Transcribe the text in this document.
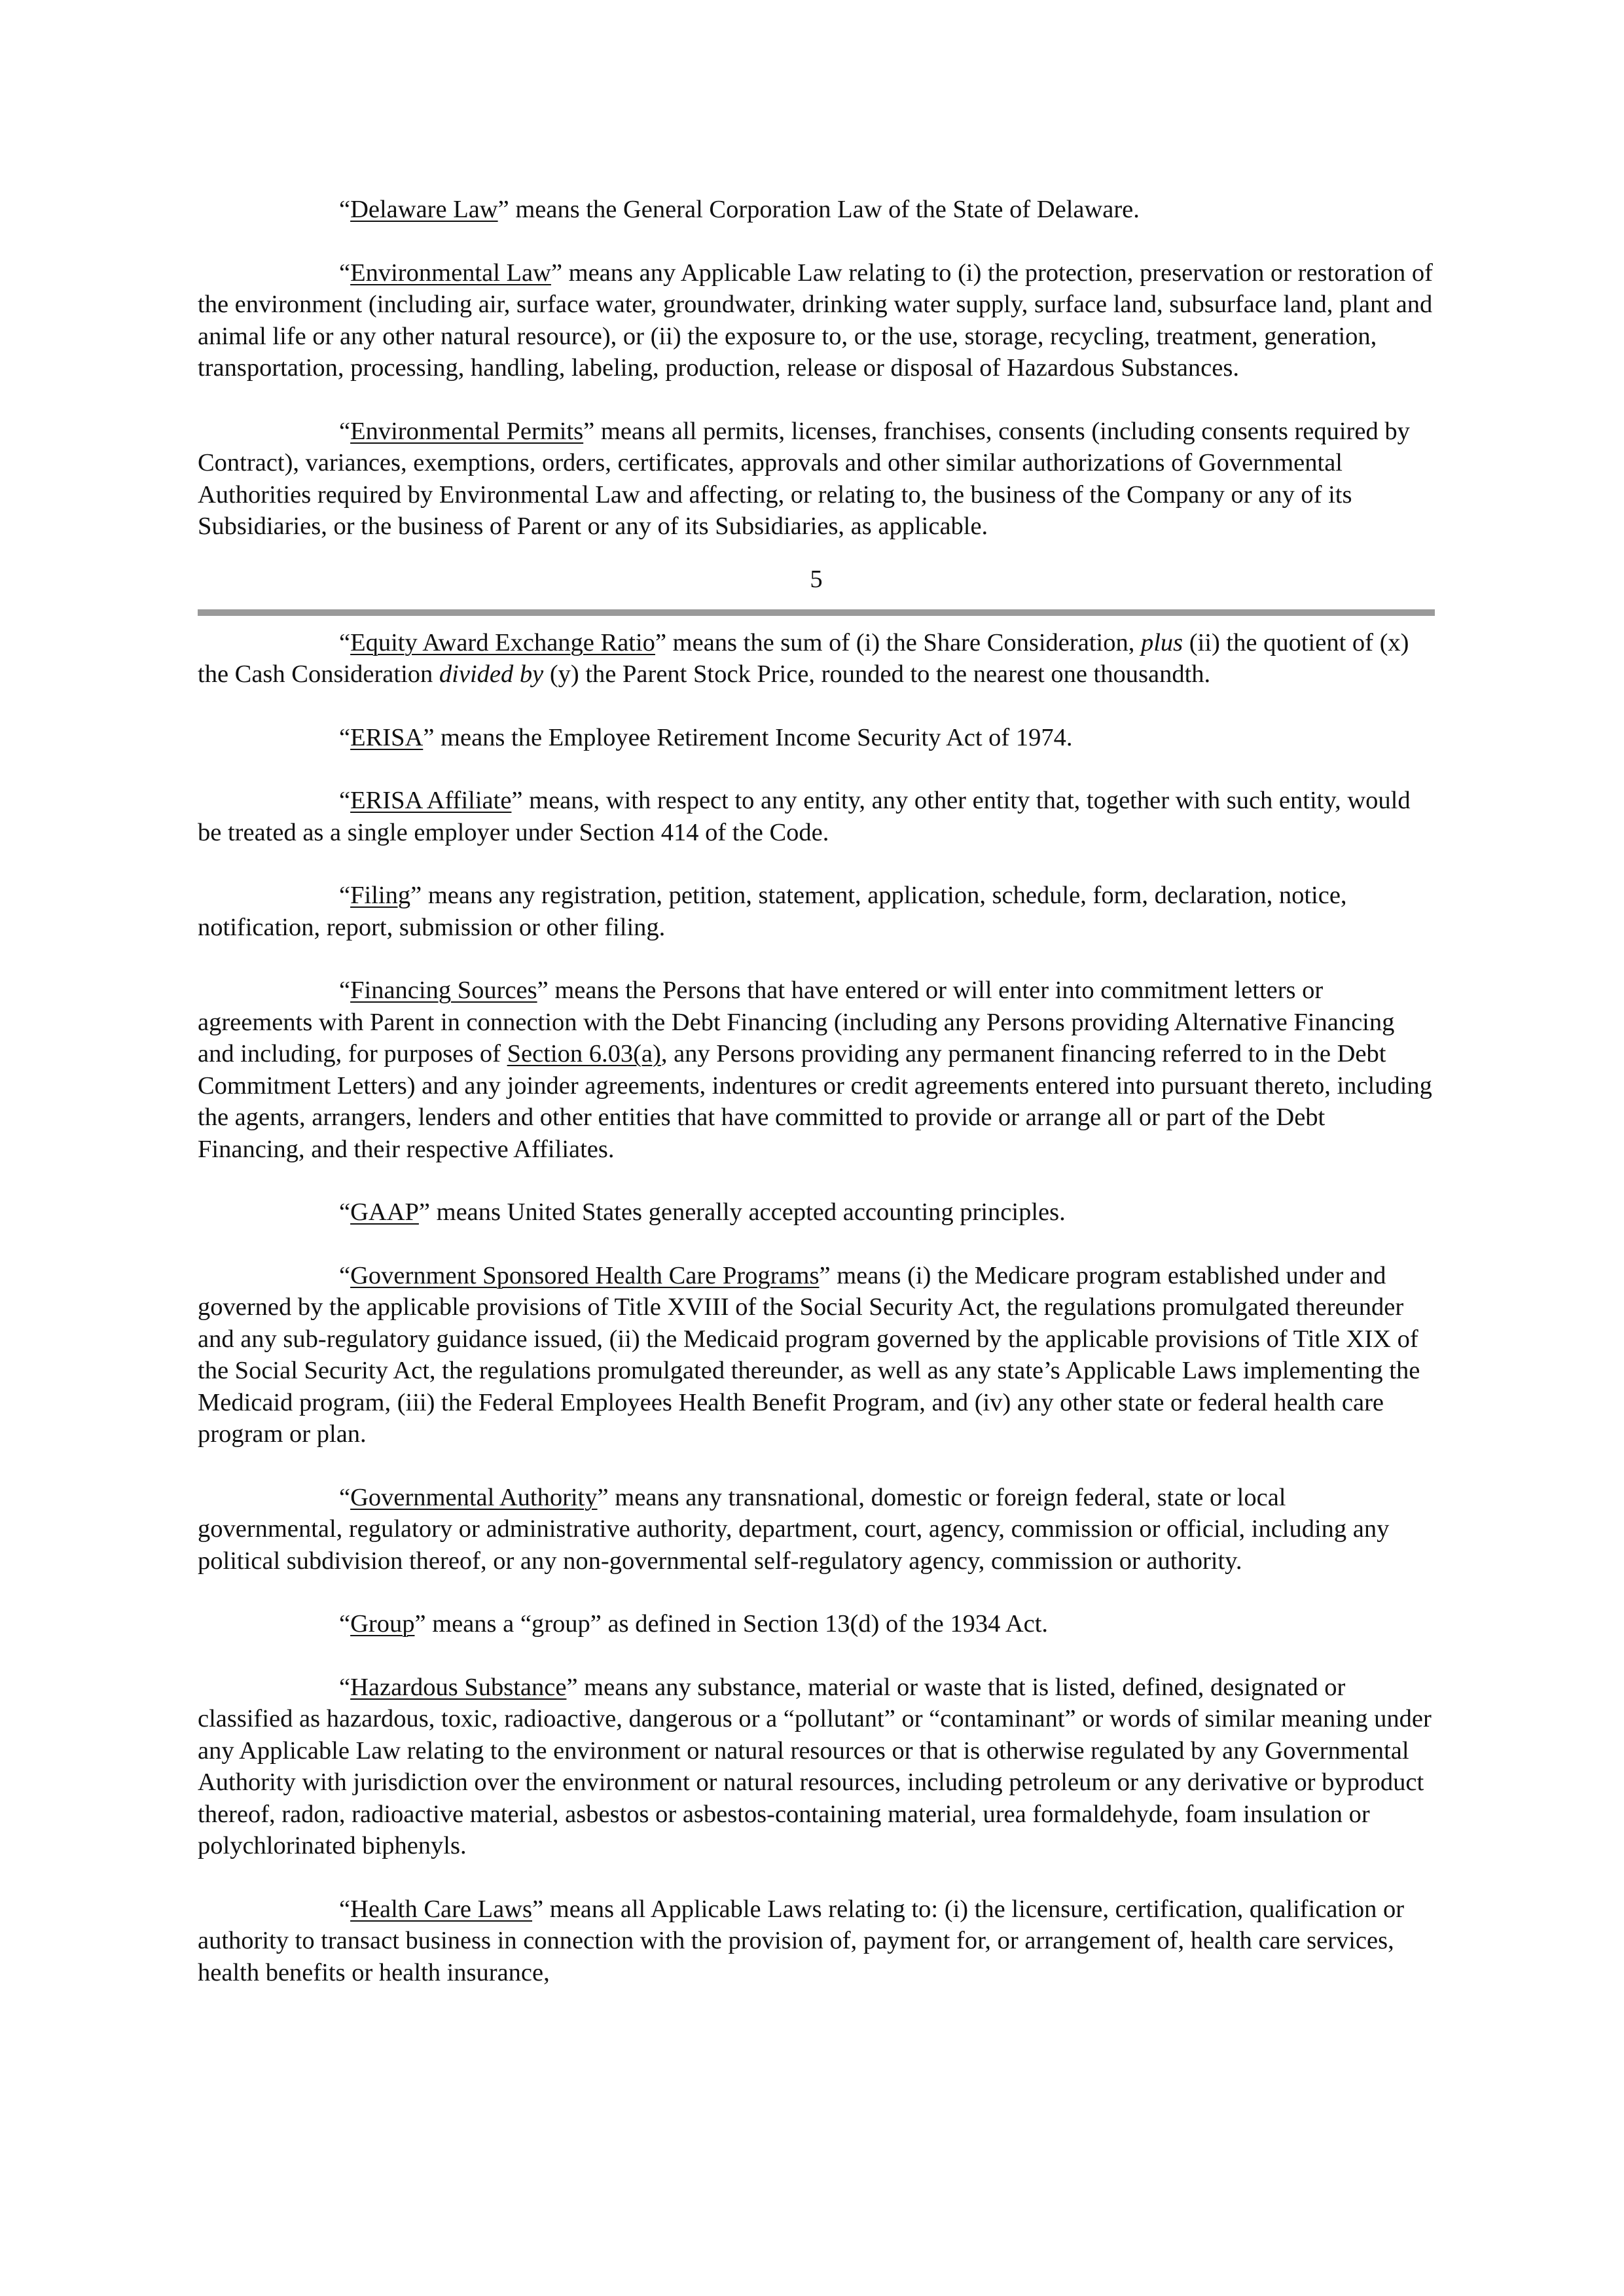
“Delaware Law” means the General Corporation Law of the State of Delaware.

“Environmental Law” means any Applicable Law relating to (i) the protection, preservation or restoration of the environment (including air, surface water, groundwater, drinking water supply, surface land, subsurface land, plant and animal life or any other natural resource), or (ii) the exposure to, or the use, storage, recycling, treatment, generation, transportation, processing, handling, labeling, production, release or disposal of Hazardous Substances.

“Environmental Permits” means all permits, licenses, franchises, consents (including consents required by Contract), variances, exemptions, orders, certificates, approvals and other similar authorizations of Governmental Authorities required by Environmental Law and affecting, or relating to, the business of the Company or any of its Subsidiaries, or the business of Parent or any of its Subsidiaries, as applicable.

5

“Equity Award Exchange Ratio” means the sum of (i) the Share Consideration, plus (ii) the quotient of (x) the Cash Consideration divided by (y) the Parent Stock Price, rounded to the nearest one thousandth.

“ERISA” means the Employee Retirement Income Security Act of 1974.

“ERISA Affiliate” means, with respect to any entity, any other entity that, together with such entity, would be treated as a single employer under Section 414 of the Code.

“Filing” means any registration, petition, statement, application, schedule, form, declaration, notice, notification, report, submission or other filing.

“Financing Sources” means the Persons that have entered or will enter into commitment letters or agreements with Parent in connection with the Debt Financing (including any Persons providing Alternative Financing and including, for purposes of Section 6.03(a), any Persons providing any permanent financing referred to in the Debt Commitment Letters) and any joinder agreements, indentures or credit agreements entered into pursuant thereto, including the agents, arrangers, lenders and other entities that have committed to provide or arrange all or part of the Debt Financing, and their respective Affiliates.

“GAAP” means United States generally accepted accounting principles.

“Government Sponsored Health Care Programs” means (i) the Medicare program established under and governed by the applicable provisions of Title XVIII of the Social Security Act, the regulations promulgated thereunder and any sub-regulatory guidance issued, (ii) the Medicaid program governed by the applicable provisions of Title XIX of the Social Security Act, the regulations promulgated thereunder, as well as any state’s Applicable Laws implementing the Medicaid program, (iii) the Federal Employees Health Benefit Program, and (iv) any other state or federal health care program or plan.

“Governmental Authority” means any transnational, domestic or foreign federal, state or local governmental, regulatory or administrative authority, department, court, agency, commission or official, including any political subdivision thereof, or any non-governmental self-regulatory agency, commission or authority.

“Group” means a “group” as defined in Section 13(d) of the 1934 Act.

“Hazardous Substance” means any substance, material or waste that is listed, defined, designated or classified as hazardous, toxic, radioactive, dangerous or a “pollutant” or “contaminant” or words of similar meaning under any Applicable Law relating to the environment or natural resources or that is otherwise regulated by any Governmental Authority with jurisdiction over the environment or natural resources, including petroleum or any derivative or byproduct thereof, radon, radioactive material, asbestos or asbestos-containing material, urea formaldehyde, foam insulation or polychlorinated biphenyls.

“Health Care Laws” means all Applicable Laws relating to: (i) the licensure, certification, qualification or authority to transact business in connection with the provision of, payment for, or arrangement of, health care services, health benefits or health insurance,
